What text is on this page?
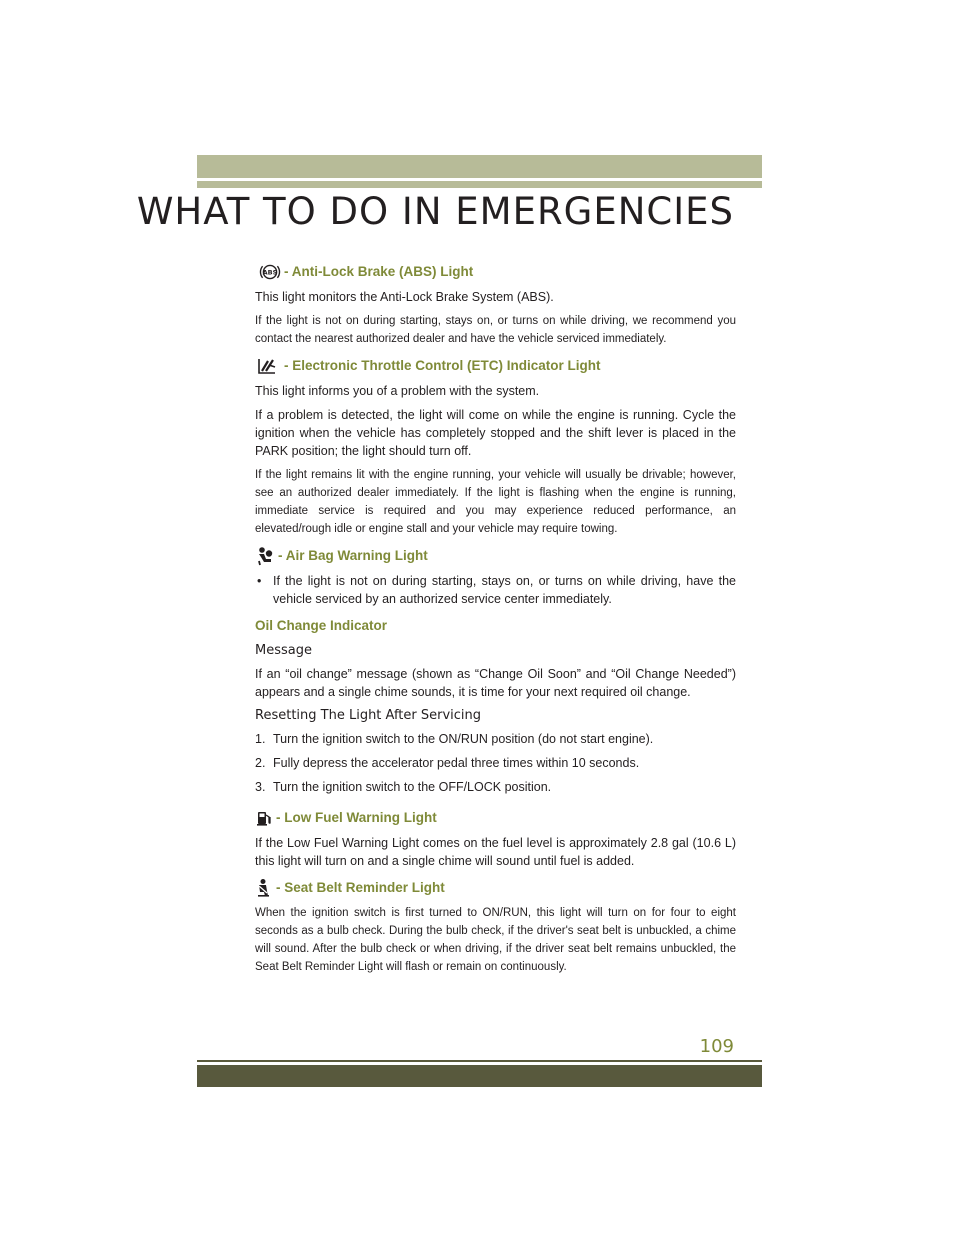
WHAT TO DO IN EMERGENCIES
ABS - Anti-Lock Brake (ABS) Light

This light monitors the Anti-Lock Brake System (ABS).

If the light is not on during starting, stays on, or turns on while driving, we recommend you contact the nearest authorized dealer and have the vehicle serviced immediately.

- Electronic Throttle Control (ETC) Indicator Light

This light informs you of a problem with the system.

If a problem is detected, the light will come on while the engine is running. Cycle the ignition when the vehicle has completely stopped and the shift lever is placed in the PARK position; the light should turn off.

If the light remains lit with the engine running, your vehicle will usually be drivable; however, see an authorized dealer immediately. If the light is flashing when the engine is running, immediate service is required and you may experience reduced performance, an elevated/rough idle or engine stall and your vehicle may require towing.

- Air Bag Warning Light
• If the light is not on during starting, stays on, or turns on while driving, have the vehicle serviced by an authorized service center immediately.
Oil Change Indicator
Message

If an “oil change” message (shown as “Change Oil Soon” and “Oil Change Needed”) appears and a single chime sounds, it is time for your next required oil change.

Resetting The Light After Servicing
1. Turn the ignition switch to the ON/RUN position (do not start engine).
2. Fully depress the accelerator pedal three times within 10 seconds.
3. Turn the ignition switch to the OFF/LOCK position.
- Low Fuel Warning Light

If the Low Fuel Warning Light comes on the fuel level is approximately 2.8 gal (10.6 L) this light will turn on and a single chime will sound until fuel is added.

- Seat Belt Reminder Light

When the ignition switch is first turned to ON/RUN, this light will turn on for four to eight seconds as a bulb check. During the bulb check, if the driver's seat belt is unbuckled, a chime will sound. After the bulb check or when driving, if the driver seat belt remains unbuckled, the Seat Belt Reminder Light will flash or remain on continuously.

109
